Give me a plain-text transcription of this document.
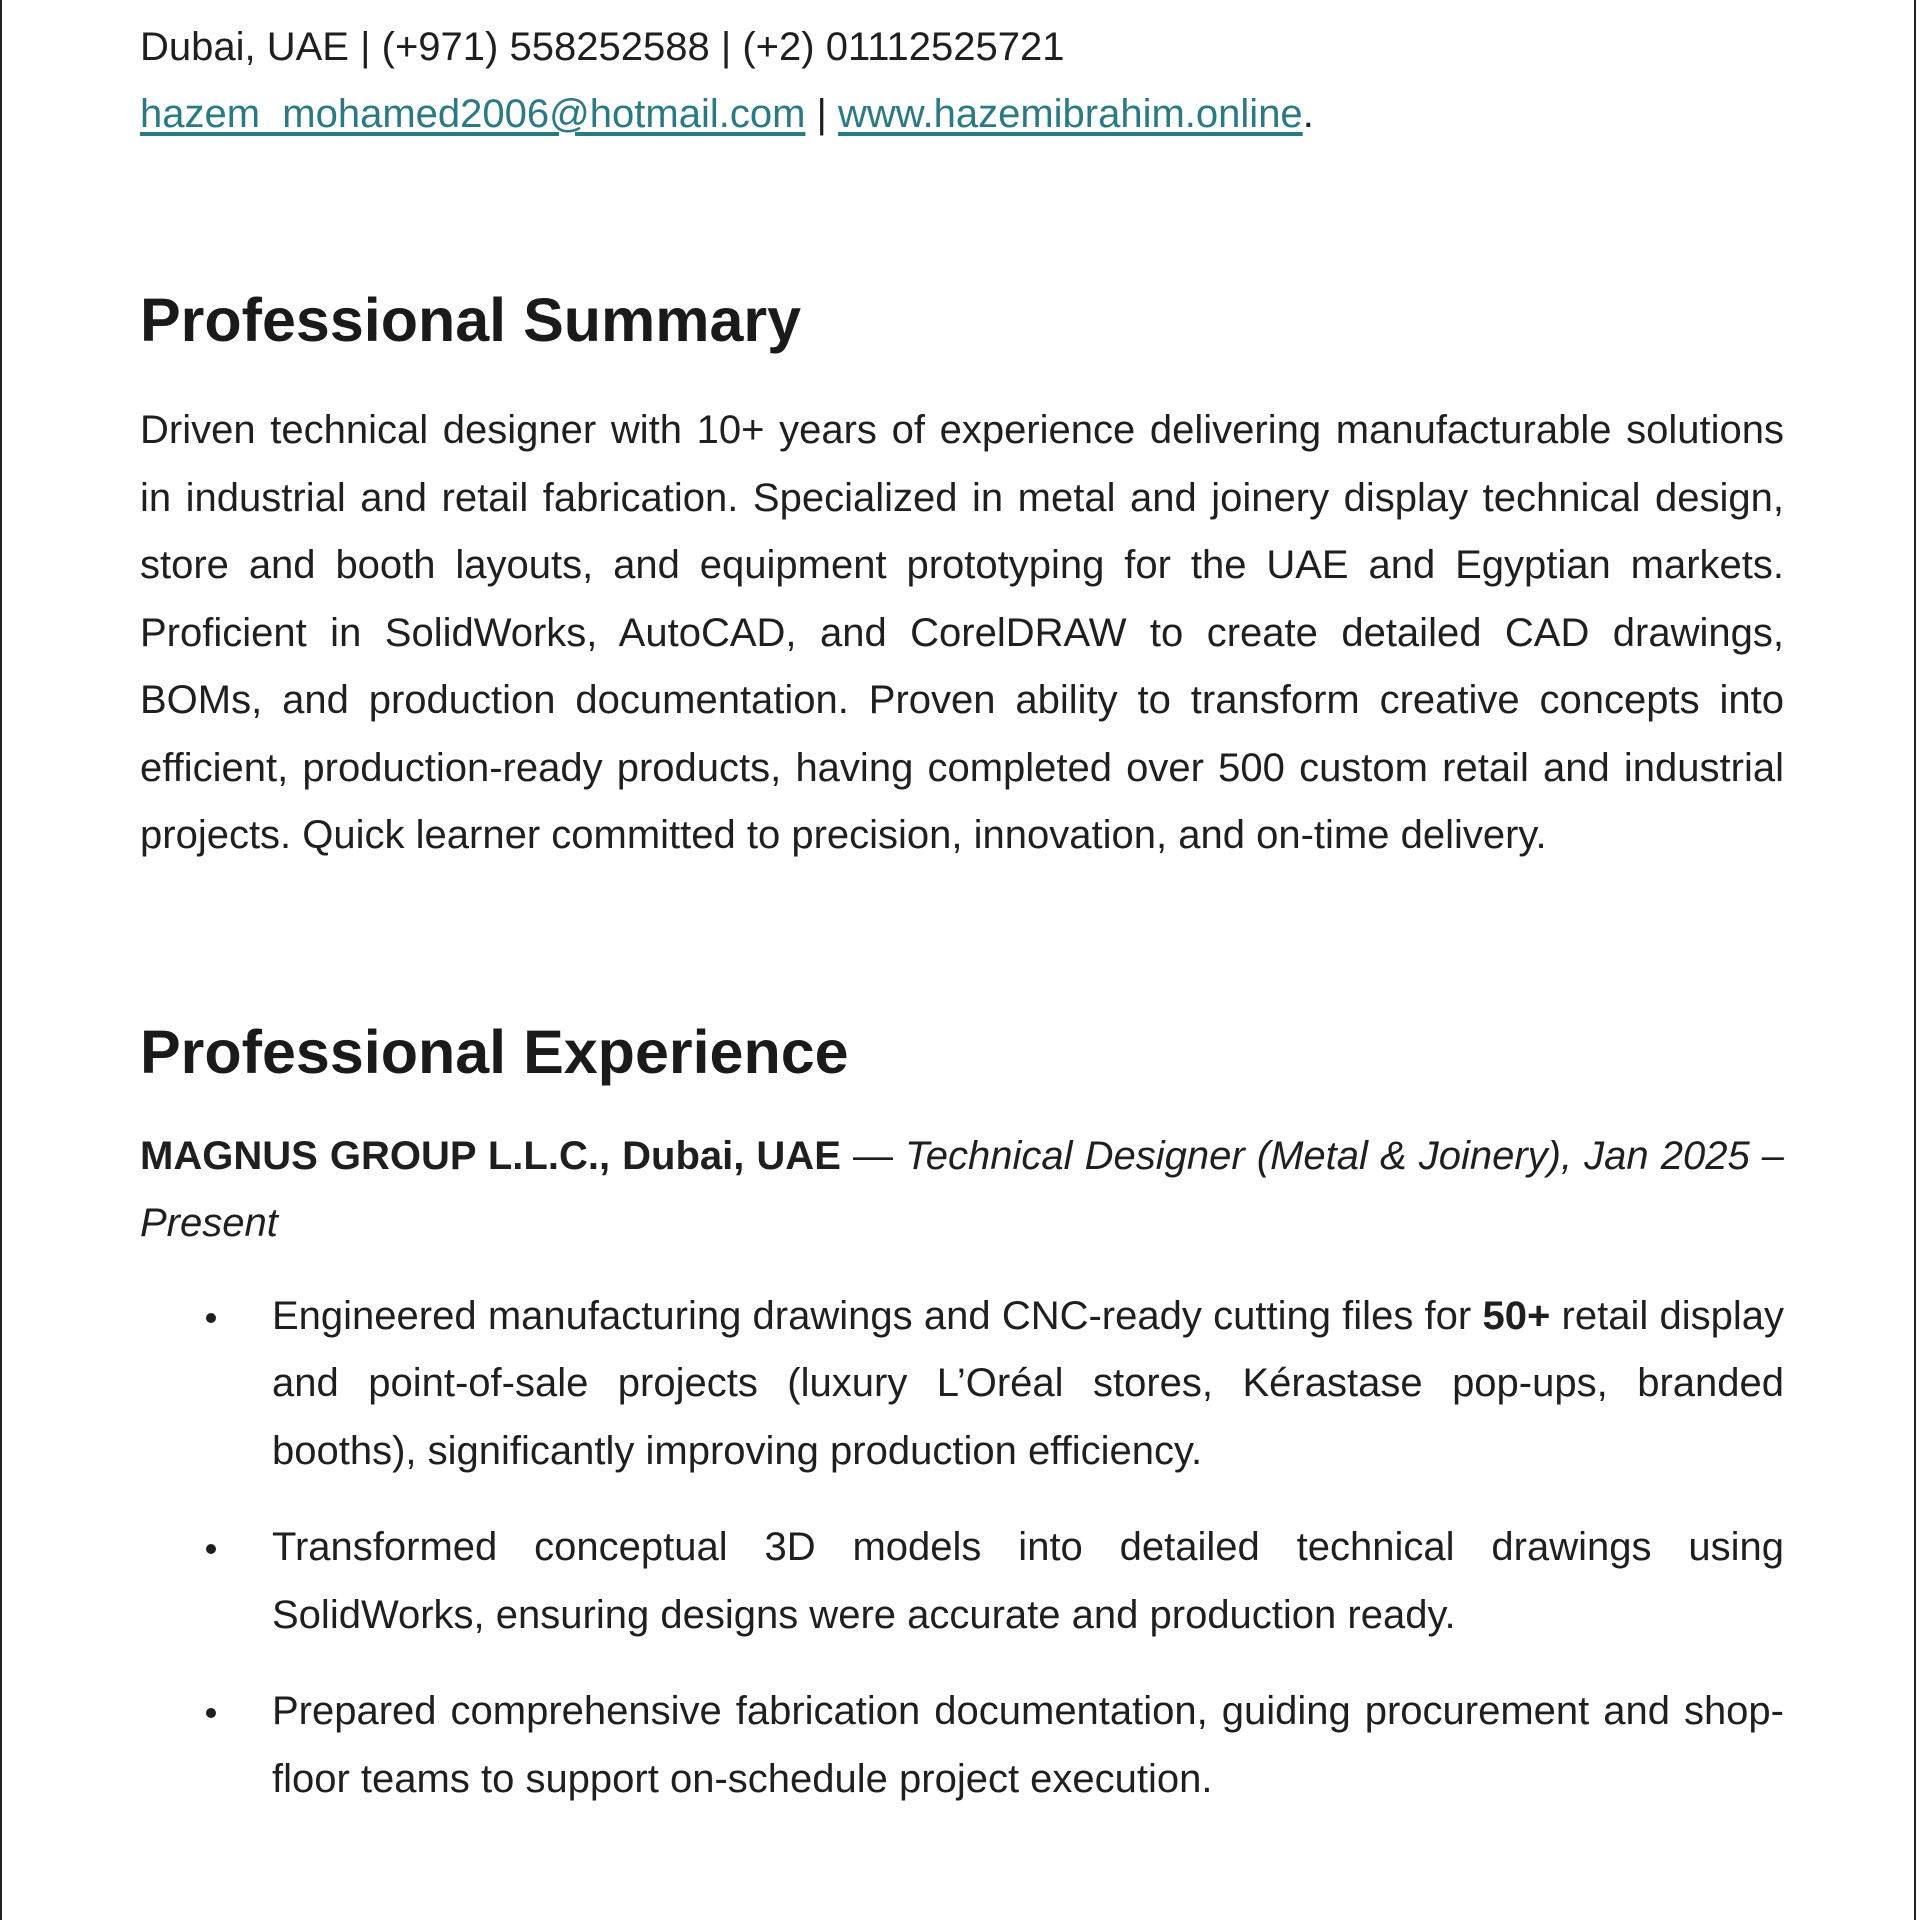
Dubai, UAE | (+971) 558252588 | (+2) 01112525721

hazem_mohamed2006@hotmail.com | www.hazemibrahim.online.

Professional Summary

Driven technical designer with 10+ years of experience delivering manufacturable solutions in industrial and retail fabrication. Specialized in metal and joinery display technical design, store and booth layouts, and equipment prototyping for the UAE and Egyptian markets. Proficient in SolidWorks, AutoCAD, and CorelDRAW to create detailed CAD drawings, BOMs, and production documentation. Proven ability to transform creative concepts into efficient, production-ready products, having completed over 500 custom retail and industrial projects. Quick learner committed to precision, innovation, and on-time delivery.

Professional Experience

MAGNUS GROUP L.L.C., Dubai, UAE — Technical Designer (Metal & Joinery), Jan 2025 – Present

Engineered manufacturing drawings and CNC-ready cutting files for 50+ retail display and point-of-sale projects (luxury L’Oréal stores, Kérastase pop-ups, branded booths), significantly improving production efficiency.
Transformed conceptual 3D models into detailed technical drawings using SolidWorks, ensuring designs were accurate and production ready.
Prepared comprehensive fabrication documentation, guiding procurement and shop-floor teams to support on-schedule project execution.
